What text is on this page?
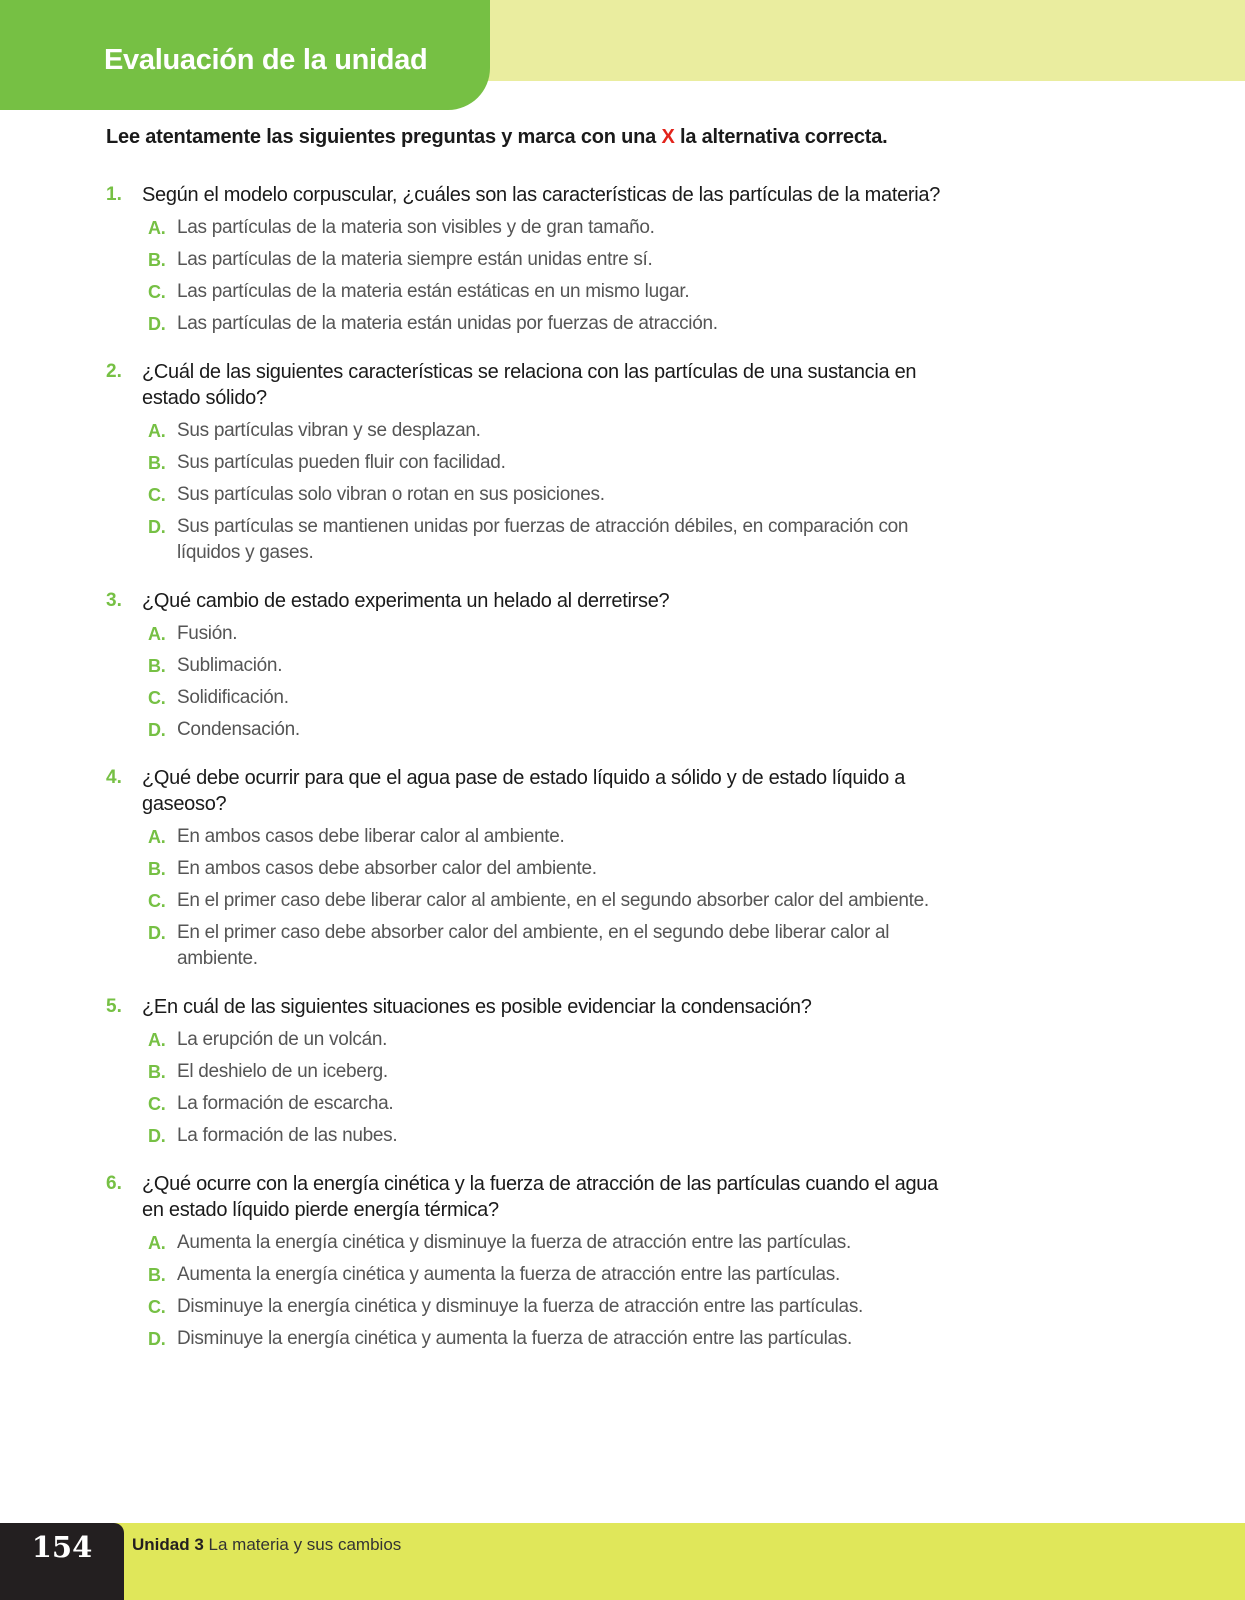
Evaluación de la unidad
Lee atentamente las siguientes preguntas y marca con una X la alternativa correcta.
1. Según el modelo corpuscular, ¿cuáles son las características de las partículas de la materia?
A. Las partículas de la materia son visibles y de gran tamaño.
B. Las partículas de la materia siempre están unidas entre sí.
C. Las partículas de la materia están estáticas en un mismo lugar.
D. Las partículas de la materia están unidas por fuerzas de atracción.
2. ¿Cuál de las siguientes características se relaciona con las partículas de una sustancia en estado sólido?
A. Sus partículas vibran y se desplazan.
B. Sus partículas pueden fluir con facilidad.
C. Sus partículas solo vibran o rotan en sus posiciones.
D. Sus partículas se mantienen unidas por fuerzas de atracción débiles, en comparación con líquidos y gases.
3. ¿Qué cambio de estado experimenta un helado al derretirse?
A. Fusión.
B. Sublimación.
C. Solidificación.
D. Condensación.
4. ¿Qué debe ocurrir para que el agua pase de estado líquido a sólido y de estado líquido a gaseoso?
A. En ambos casos debe liberar calor al ambiente.
B. En ambos casos debe absorber calor del ambiente.
C. En el primer caso debe liberar calor al ambiente, en el segundo absorber calor del ambiente.
D. En el primer caso debe absorber calor del ambiente, en el segundo debe liberar calor al ambiente.
5. ¿En cuál de las siguientes situaciones es posible evidenciar la condensación?
A. La erupción de un volcán.
B. El deshielo de un iceberg.
C. La formación de escarcha.
D. La formación de las nubes.
6. ¿Qué ocurre con la energía cinética y la fuerza de atracción de las partículas cuando el agua en estado líquido pierde energía térmica?
A. Aumenta la energía cinética y disminuye la fuerza de atracción entre las partículas.
B. Aumenta la energía cinética y aumenta la fuerza de atracción entre las partículas.
C. Disminuye la energía cinética y disminuye la fuerza de atracción entre las partículas.
D. Disminuye la energía cinética y aumenta la fuerza de atracción entre las partículas.
154	Unidad 3 La materia y sus cambios
